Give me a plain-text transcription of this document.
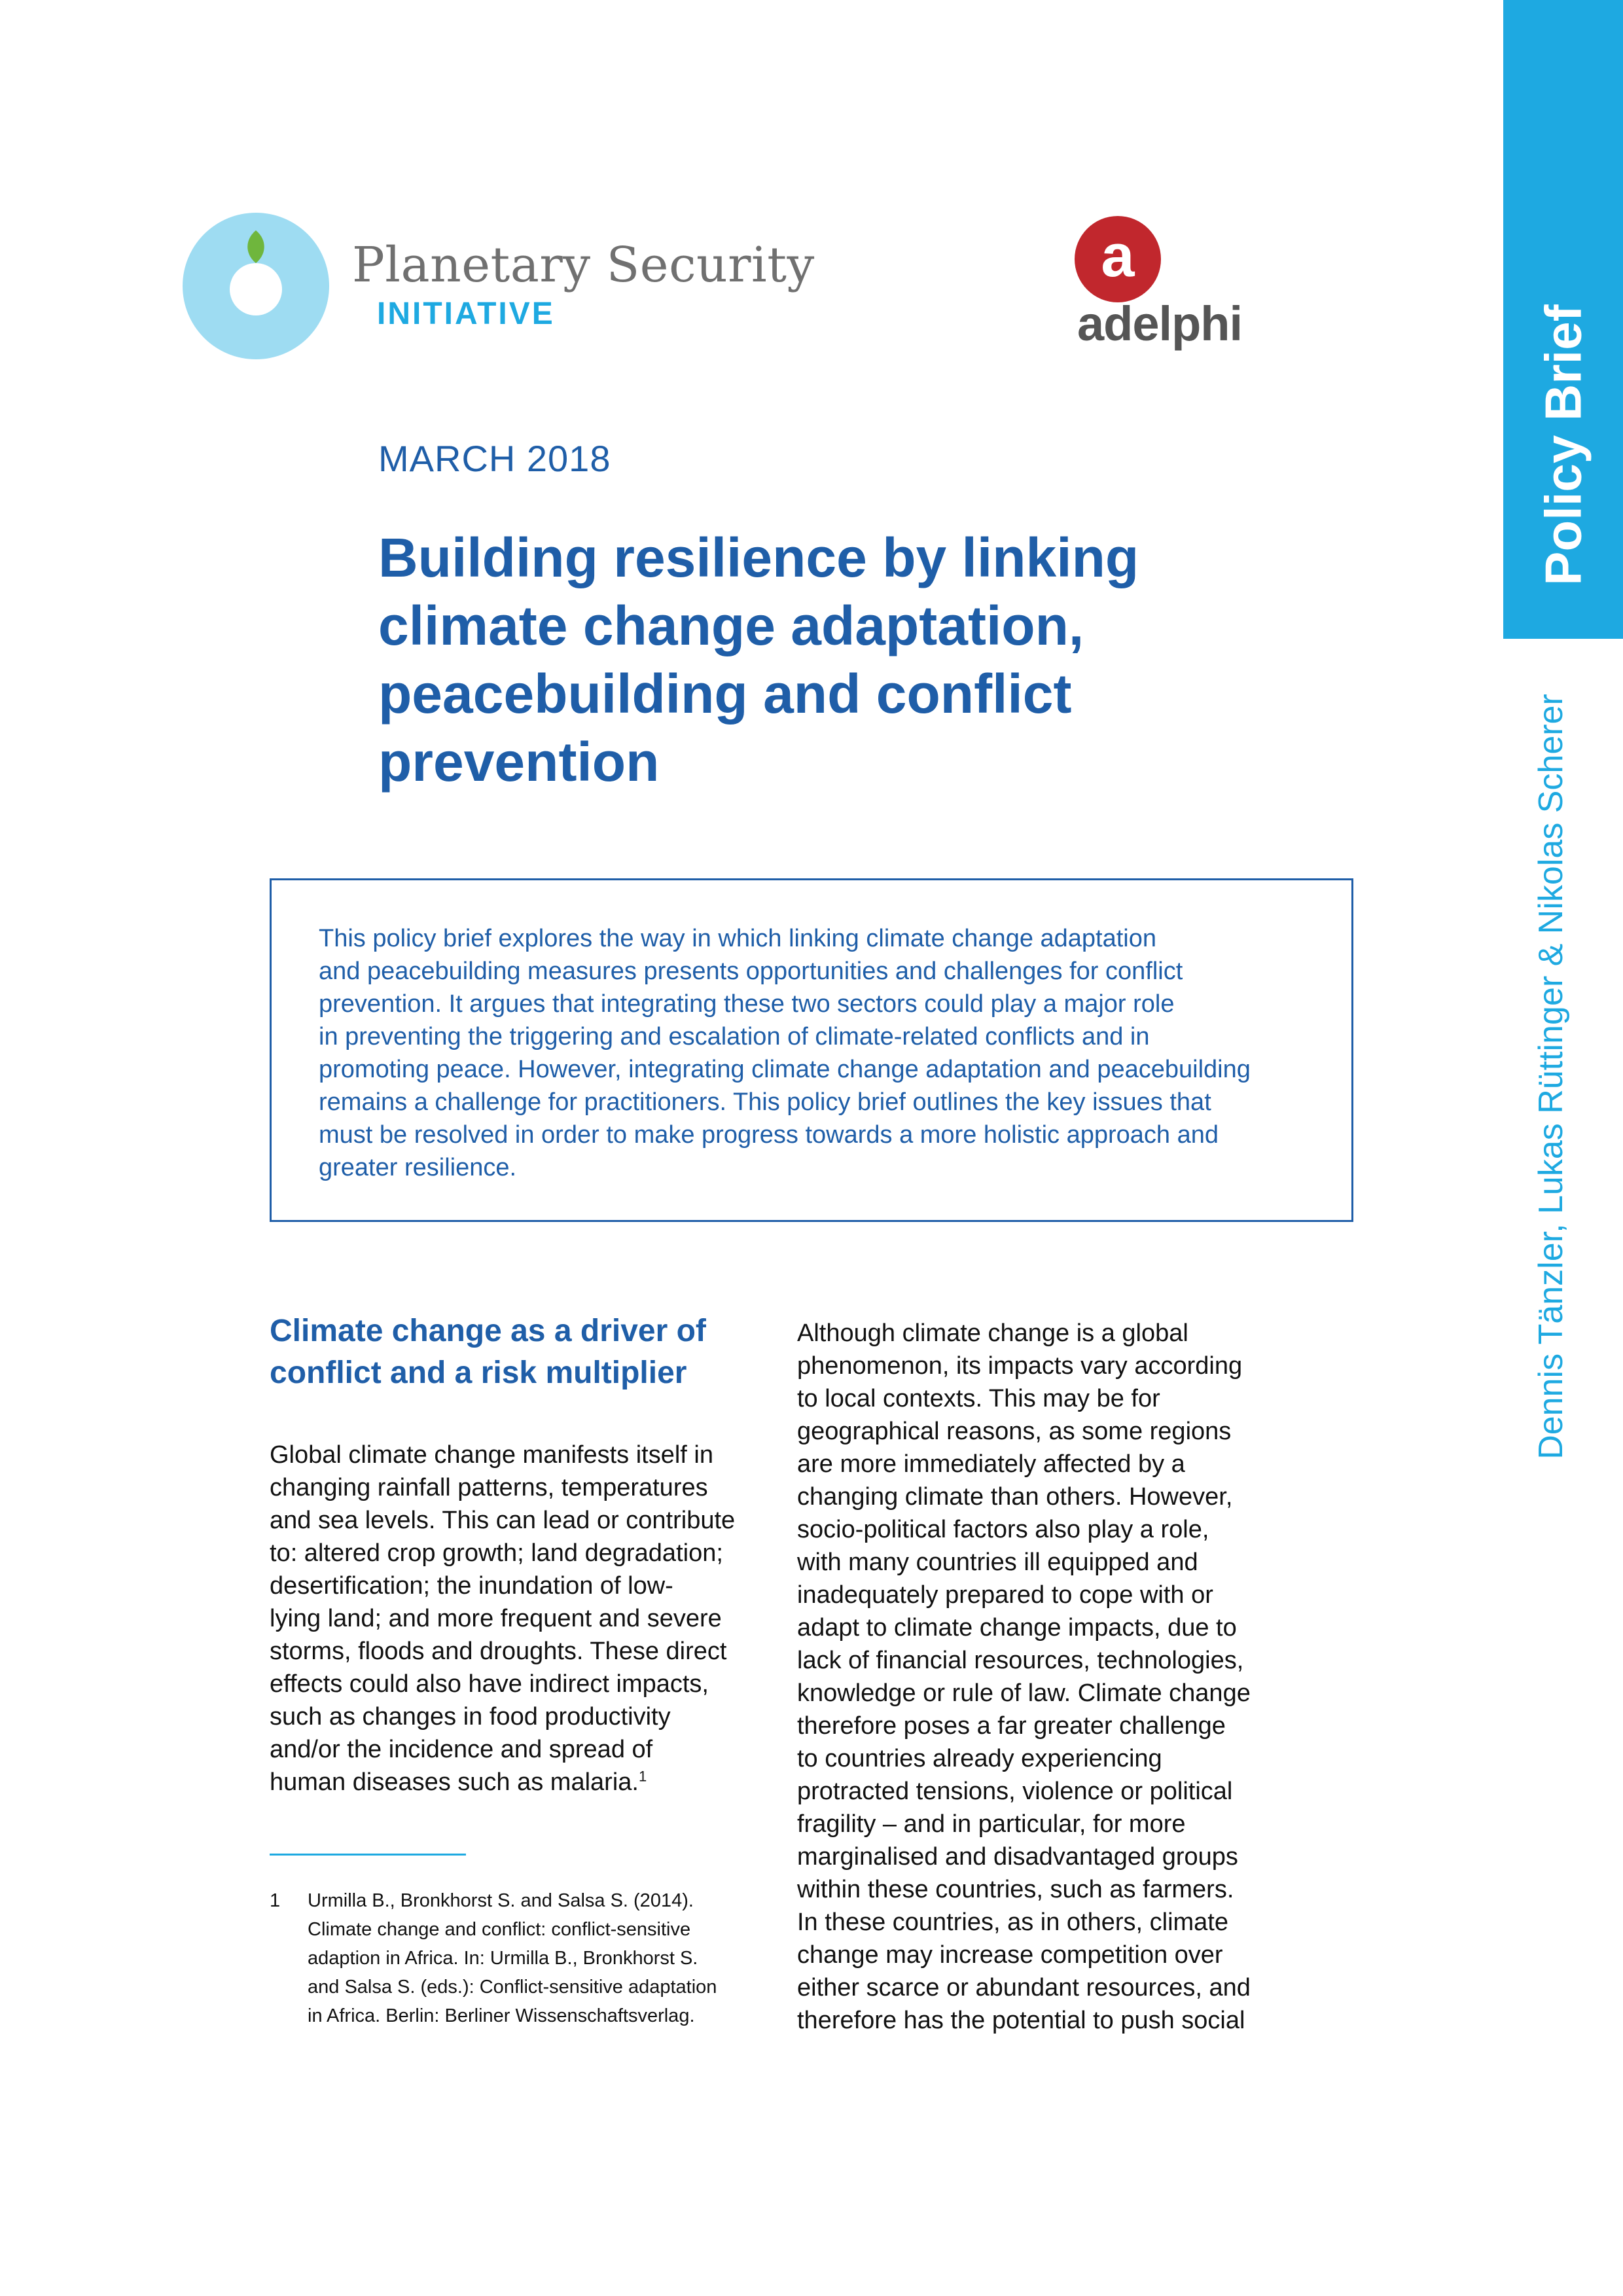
Planetary Security
INITIATIVE
a
adelphi	Policy Brief
Dennis Tänzler, Lukas Rüttinger & Nikolas Scherer
MARCH 2018
Building resilience by linking
climate change adaptation,
peacebuilding and conflict
prevention

This policy brief explores the way in which linking climate change adaptation
and peacebuilding measures presents opportunities and challenges for conflict
prevention. It argues that integrating these two sectors could play a major role
in preventing the triggering and escalation of climate-related conflicts and in
promoting peace. However, integrating climate change adaptation and peacebuilding
remains a challenge for practitioners. This policy brief outlines the key issues that
must be resolved in order to make progress towards a more holistic approach and
greater resilience.

Climate change as a driver of
conflict and a risk multiplier

Global climate change manifests itself in
changing rainfall patterns, temperatures
and sea levels. This can lead or contribute
to: altered crop growth; land degradation;
desertification; the inundation of low-
lying land; and more frequent and severe
storms, floods and droughts. These direct
effects could also have indirect impacts,
such as changes in food productivity
and/or the incidence and spread of
human diseases such as malaria.$^1$

1 Urmilla B., Bronkhorst S. and Salsa S. (2014).
Climate change and conflict: conflict-sensitive
adaption in Africa. In: Urmilla B., Bronkhorst S.
and Salsa S. (eds.): Conflict-sensitive adaptation
in Africa. Berlin: Berliner Wissenschaftsverlag.

Although climate change is a global
phenomenon, its impacts vary according
to local contexts. This may be for
geographical reasons, as some regions
are more immediately affected by a
changing climate than others. However,
socio-political factors also play a role,
with many countries ill equipped and
inadequately prepared to cope with or
adapt to climate change impacts, due to
lack of financial resources, technologies,
knowledge or rule of law. Climate change
therefore poses a far greater challenge
to countries already experiencing
protracted tensions, violence or political
fragility – and in particular, for more
marginalised and disadvantaged groups
within these countries, such as farmers.
In these countries, as in others, climate
change may increase competition over
either scarce or abundant resources, and
therefore has the potential to push social
